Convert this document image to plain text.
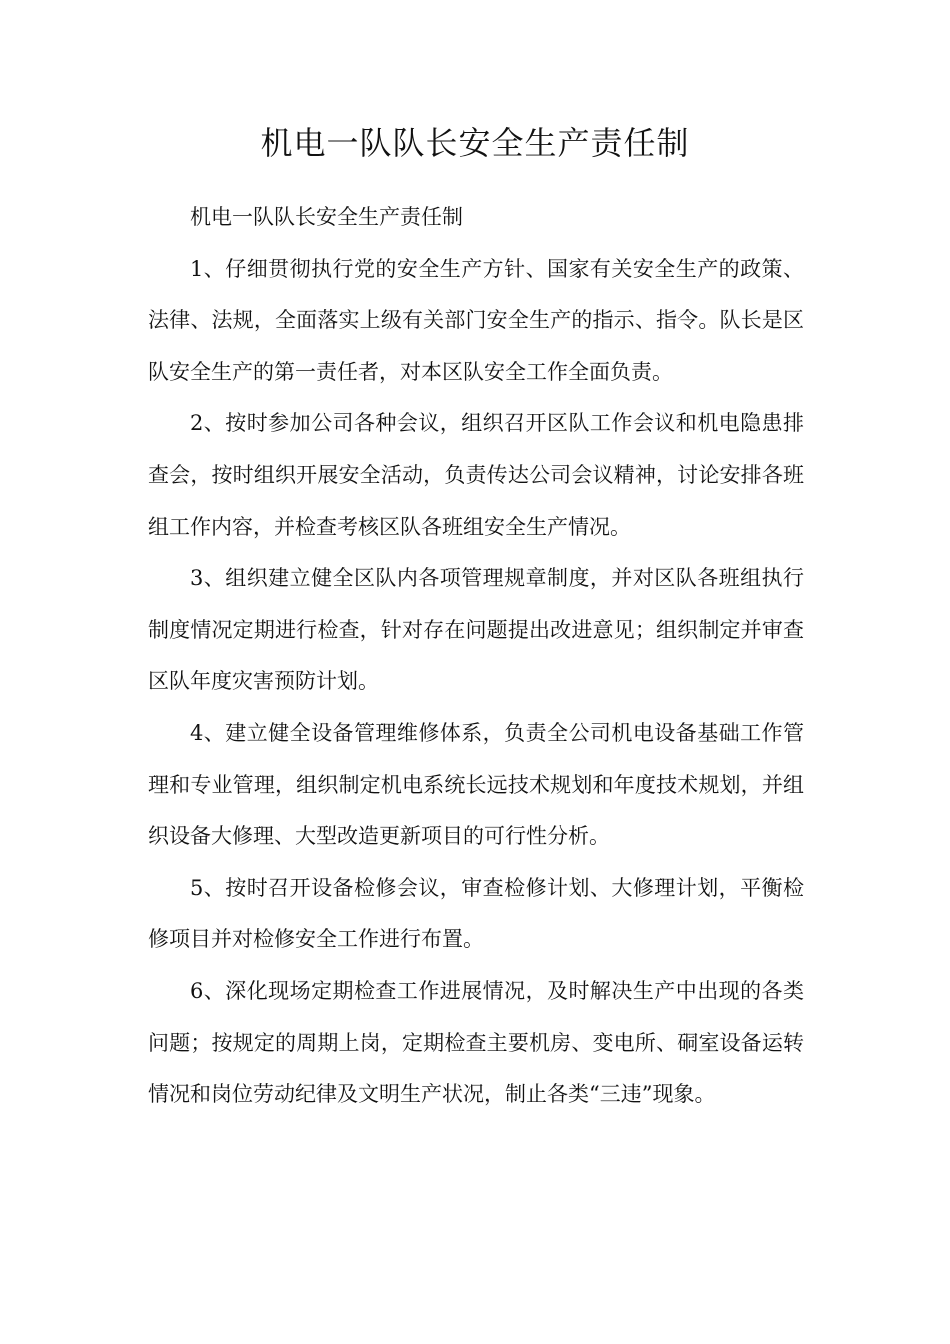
机电一队队长安全生产责任制

机电一队队长安全生产责任制

1、仔细贯彻执行党的安全生产方针、国家有关安全生产的政策、法律、法规，全面落实上级有关部门安全生产的指示、指令。队长是区队安全生产的第一责任者，对本区队安全工作全面负责。

2、按时参加公司各种会议，组织召开区队工作会议和机电隐患排查会，按时组织开展安全活动，负责传达公司会议精神，讨论安排各班组工作内容，并检查考核区队各班组安全生产情况。

3、组织建立健全区队内各项管理规章制度，并对区队各班组执行制度情况定期进行检查，针对存在问题提出改进意见；组织制定并审查区队年度灾害预防计划。

4、建立健全设备管理维修体系，负责全公司机电设备基础工作管理和专业管理，组织制定机电系统长远技术规划和年度技术规划，并组织设备大修理、大型改造更新项目的可行性分析。

5、按时召开设备检修会议，审查检修计划、大修理计划，平衡检修项目并对检修安全工作进行布置。

6、深化现场定期检查工作进展情况，及时解决生产中出现的各类问题；按规定的周期上岗，定期检查主要机房、变电所、硐室设备运转情况和岗位劳动纪律及文明生产状况，制止各类“三违”现象。
